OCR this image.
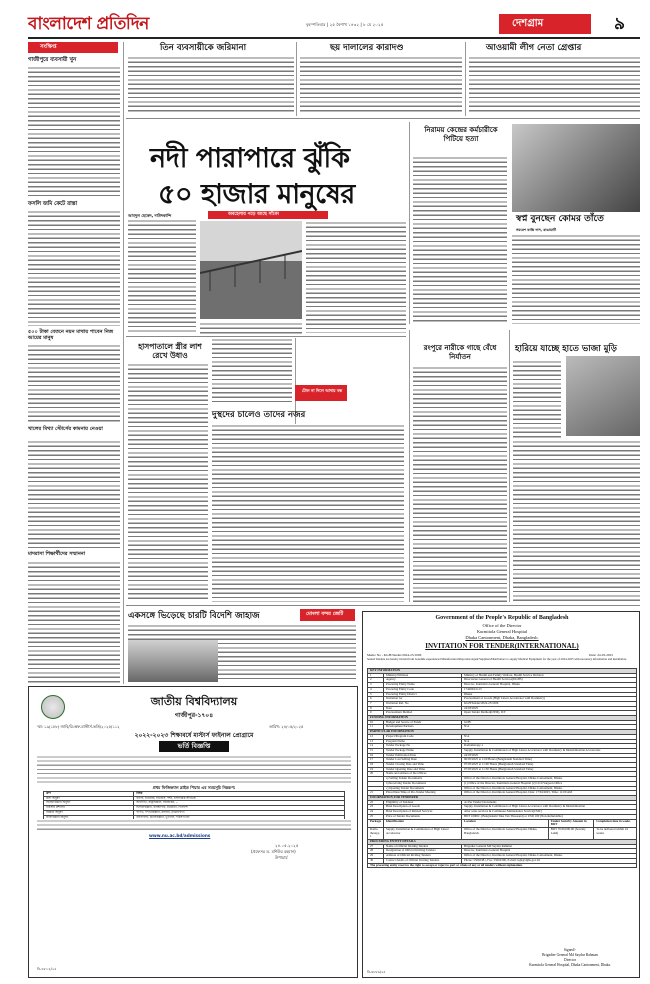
বাংলাদেশ প্রতিদিন	বৃহস্পতিবার | ২৫ বৈশাখ ১৪৩২ | ৮ মে ২০২৫	দেশগ্রাম	৯
সংক্ষিপ্ত
গাজীপুরে ব্যবসায়ী খুন
ফসলি জমি কেটে রাস্তা
৫০০ টাকা বেতনে নয়ন মাথায় পাবেন নিজ আয়ের মানুষ
খালের মিথ্যা স্টোর্সের কামনায় নেওয়া
মাদরাসা শিক্ষার্থীদের সম্মাননা
তিন ব্যবসায়ীকে জরিমানা	ছয় দালালের কারাদণ্ড	আওয়ামী লীগ নেতা গ্রেপ্তার
নদী পারাপারে ঝুঁকি
৫০ হাজার মানুষের
আবদুল হেকেদ, দাউদকান্দি	অবহেলায় পড়ে আছে সাঁকো
নিরাময় কেন্দ্রের কর্মচারীকে পিটিয়ে হত্যা
স্বপ্ন বুনছেন কোমর তাঁতে
সমরেশ কান্তি দাস, রাঙামাটি
হাসপাতালে স্ত্রীর লাশ রেখে উধাও
দুস্থদের চালেও তাদের নজর
টোল না দিলে আদায় বন্ধ
রংপুরে নারীকে গাছে বেঁধে নির্যাতন
হারিয়ে যাচ্ছে হাতে ভাজা মুড়ি
একসঙ্গে ভিড়েছে চারটি বিদেশি জাহাজ	মোংলা বন্দর জেটি
জাতীয় বিশ্ববিদ্যালয়
গাজীপুর-১৭০৪
স্মা: ১৯(১৮৮) জাবি/রি:অফ-মাস্টার্স-ভর্তি/২০২৫/১১২	তারিখ: ২৪/০৫/২০২৫
২০২২-২০২৩ শিক্ষাবর্ষে মাস্টার্স ফাইনাল প্রোগ্রামে
ভর্তি বিজ্ঞপ্তি
প্রথম ফিজিক্যাল স্লাইড পিয়ার এর সময়সূচি নিম্নরূপ:
গ্রুপ	বিষয়
কলা অনুষদ	বাংলা, ইংরেজি, ইতিহাস, দর্শন, ইসলামিক স্টাডিজ
সমাজবিজ্ঞান অনুষদ	অর্থনীতি, রাষ্ট্রবিজ্ঞান, সমাজকর্ম, ...
ব্যবসায় প্রশাসন	হিসাববিজ্ঞান, ব্যবস্থাপনা, মার্কেটিং, ফিন্যান্স
বিজ্ঞান অনুষদ	গণিত, পদার্থবিজ্ঞান, রসায়ন, উদ্ভিদবিদ্যা
জীববিজ্ঞান অনুষদ	প্রাণিবিদ্যা, মনোবিজ্ঞান, ভূগোল, পরিসংখ্যান
www.nu.ac.bd/admissions
২৪.০৫.২০২৫
(প্রফেসর ড. মশিউর রহমান)
উপাচার্য
বি-৪৮১৫/২৫
Government of the People's Republic of Bangladesh
Office of the Director
Kurmitola General Hospital
Dhaka Cantonment, Dhaka, Bangladesh.
INVITATION FOR TENDER(INTERNATIONAL)
Memo No - KGH/Tender/2024-25/1006	Date: 24-03-2025
Sealed Tenders are hereby invited from bonafide experienced Manufacturer/Importers/Agent/Suppliers/Distributors to supply Medical Equipment for the year of 2024-2025 with necessary information and installation.
KEY INFORMATION				
1	Ministry/Division	Ministry of Health and Family Welfare, Health Service Division		
2	Agency	Directorate General of Health Services(DGHS)		
3	Procuring Entity Name	Director, Kurmitola General Hospital, Dhaka		
4	Procuring Entity Code	1742604/1115		
5	Procuring Entity District	Dhaka		
6	Invitation for	Procurement of Goods (High Linear Accelerator with Dosimetry)		
7	Invitation Ref. No	KGH/Tender/2024-25/1006		
8	Date	24/03/2025		
9	Procurement Method	Open Tender Method(OTM), ICT		
FUNDING INFORMATION				
10	Budget and Source of Funds	GOB		
11	Development Partners	N/A		
PARTICULAR INFORMATION				
12	Project/Program Code	N/A		
13	Program Name	N/A		
14	Tender Package No	Radiotherapy-1		
15	Tender Package Name	Supply, Installation & Commission of High Linear Accelerator with Dosimetry & Immobilization Accessories		
16	Tender Publication Date	24/03/2025		
17	Tender Last Selling Date	06/05/2025 at 1:00 Hours (Bangladesh Standard Time)		
18	Tender Closing Date and Time	07/05/2025 at 11:00 Hours (Bangladesh Standard Time)		
19	Tender Opening Date and Time	07/05/2025 at 11:30 Hours (Bangladesh Standard Time)		
20	Name and address of the Offices			
	a) Selling Tender Documents	Office of the Director, Kurmitola General Hospital, Dhaka Cantonment, Dhaka.		
	b) Receiving Tender Documents	(1) Office of the Director, Kurmitola General Hospital (2) Civil Surgeon Office		
	c) Opening Tender Documents	Office of the Director, Kurmitola General Hospital, Dhaka Cantonment, Dhaka.		
21	Place/Date/Time of Pre-Tender Meeting	Office of the Director, Kurmitola General Hospital, Date: 17/04/2025, Time: 11:00 AM		
INFORMATION FOR TENDERER				
22	Eligibility of Tenderer	As Per Tender Documents		
23	Brief Description of Goods	Supply, Installation & Commission of High Linear Accelerator with Dosimetry & Immobilization		
24	Brief Description of Related Services	After sales services & Continuous Maintenance Service(CMC)		
25	Price of Tender Documents	BDT 10000/- (Bangladeshi Taka Ten Thousand) or USD 100 (Non-Refundable)		
Package	Identification	Location	Tender Security Amount in BDT	Completion time in weeks
Radio-therapy-1	Supply, Installation & Commission of High Linear Accelerator	Office of the Director, Kurmitola General Hospital, Dhaka, Bangladesh.	BDT 70,00,000.00 (Seventy Lakh)	To be delivered within 24 weeks
PROCURING ENTITY DETAILS				
27	Name of Official Inviting Tenders	Brigadier General Md Saydur Rahman		
28	Designation of Official Inviting Tenders	Director, Kurmitola General Hospital		
29	Address of Official Inviting Tenders	Office of the Director, Kurmitola General Hospital, Dhaka Cantonment, Dhaka.		
30	Contact details of Official Inviting Tenders	Phone: 55062381, Fax: 55062390, E-mail: kgh@dghs.gov.bd		
The procuring entity reserves the right to accept or reject to part or whole of any or all tenders without explanation.				
Signed/-
Brigadier General Md Saydur Rahman
Director
Kurmitola General Hospital, Dhaka Cantonment, Dhaka.
বি-৪৮৮৯/২৫
